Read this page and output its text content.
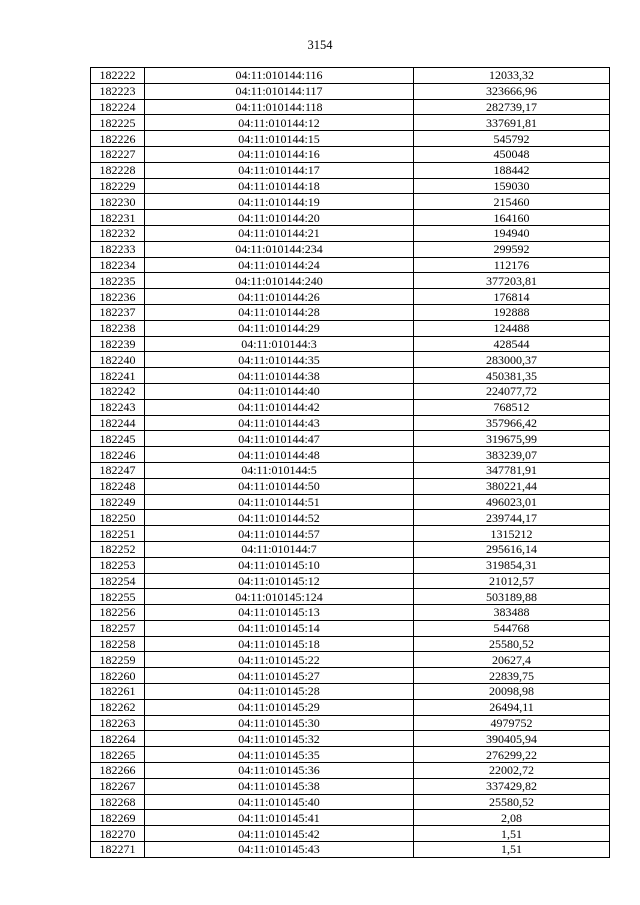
3154
182222	04:11:010144:116	12033,32
182223	04:11:010144:117	323666,96
182224	04:11:010144:118	282739,17
182225	04:11:010144:12	337691,81
182226	04:11:010144:15	545792
182227	04:11:010144:16	450048
182228	04:11:010144:17	188442
182229	04:11:010144:18	159030
182230	04:11:010144:19	215460
182231	04:11:010144:20	164160
182232	04:11:010144:21	194940
182233	04:11:010144:234	299592
182234	04:11:010144:24	112176
182235	04:11:010144:240	377203,81
182236	04:11:010144:26	176814
182237	04:11:010144:28	192888
182238	04:11:010144:29	124488
182239	04:11:010144:3	428544
182240	04:11:010144:35	283000,37
182241	04:11:010144:38	450381,35
182242	04:11:010144:40	224077,72
182243	04:11:010144:42	768512
182244	04:11:010144:43	357966,42
182245	04:11:010144:47	319675,99
182246	04:11:010144:48	383239,07
182247	04:11:010144:5	347781,91
182248	04:11:010144:50	380221,44
182249	04:11:010144:51	496023,01
182250	04:11:010144:52	239744,17
182251	04:11:010144:57	1315212
182252	04:11:010144:7	295616,14
182253	04:11:010145:10	319854,31
182254	04:11:010145:12	21012,57
182255	04:11:010145:124	503189,88
182256	04:11:010145:13	383488
182257	04:11:010145:14	544768
182258	04:11:010145:18	25580,52
182259	04:11:010145:22	20627,4
182260	04:11:010145:27	22839,75
182261	04:11:010145:28	20098,98
182262	04:11:010145:29	26494,11
182263	04:11:010145:30	4979752
182264	04:11:010145:32	390405,94
182265	04:11:010145:35	276299,22
182266	04:11:010145:36	22002,72
182267	04:11:010145:38	337429,82
182268	04:11:010145:40	25580,52
182269	04:11:010145:41	2,08
182270	04:11:010145:42	1,51
182271	04:11:010145:43	1,51
